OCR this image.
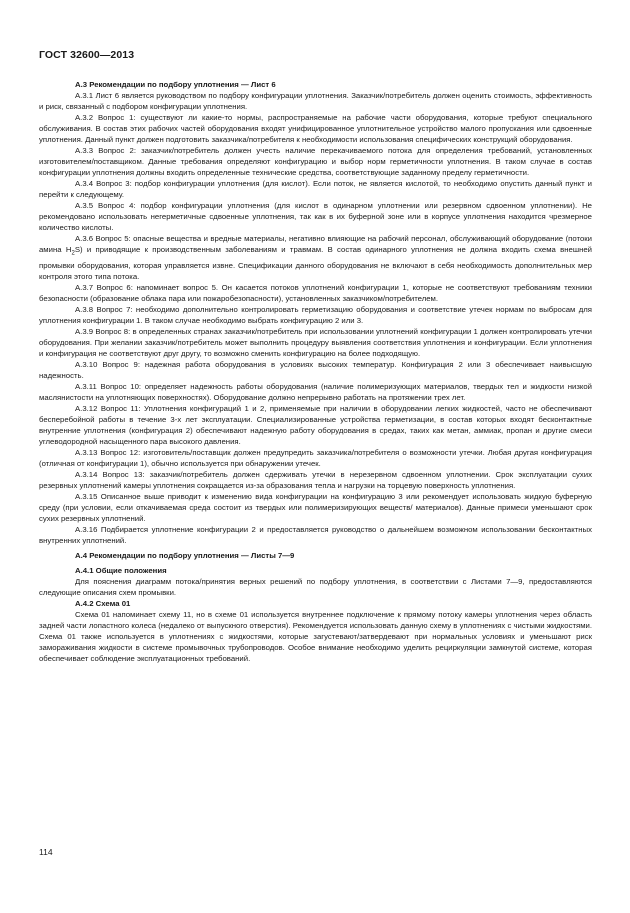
ГОСТ 32600—2013

А.3 Рекомендации по подбору уплотнения — Лист 6

А.3.1 Лист 6 является руководством по подбору конфигурации уплотнения. Заказчик/потребитель должен оценить стоимость, эффективность и риск, связанный с подбором конфигурации уплотнения.

А.3.2 Вопрос 1: существуют ли какие-то нормы, распространяемые на рабочие части оборудования, которые требуют специального обслуживания. В состав этих рабочих частей оборудования входят унифицированное уплотнительное устройство малого пропускания или сдвоенные уплотнения. Данный пункт должен подготовить заказчика/потребителя к необходимости использования специфических конструкций оборудования.

А.3.3 Вопрос 2: заказчик/потребитель должен учесть наличие перекачиваемого потока для определения требований, установленных изготовителем/поставщиком. Данные требования определяют конфигурацию и выбор норм герметичности уплотнения. В таком случае в состав конфигурации уплотнения должны входить определенные технические средства, соответствующие заданному пределу герметичности.

А.3.4 Вопрос 3: подбор конфигурации уплотнения (для кислот). Если поток, не является кислотой, то необходимо опустить данный пункт и перейти к следующему.

А.3.5 Вопрос 4: подбор конфигурации уплотнения (для кислот в одинарном уплотнении или резервном сдвоенном уплотнении). Не рекомендовано использовать негерметичные сдвоенные уплотнения, так как в их буферной зоне или в корпусе уплотнения находится чрезмерное количество кислоты.

А.3.6 Вопрос 5: опасные вещества и вредные материалы, негативно влияющие на рабочий персонал, обслуживающий оборудование (потоки амина $H_2S$) и приводящие к производственным заболеваниям и травмам. В состав одинарного уплотнения не должна входить схема внешней промывки оборудования, которая управляется извне. Спецификации данного оборудования не включают в себя необходимость дополнительных мер контроля этого типа потока.

А.3.7 Вопрос 6: напоминает вопрос 5. Он касается потоков уплотнений конфигурации 1, которые не соответствуют требованиям техники безопасности (образование облака пара или пожаробезопасности), установленных заказчиком/потребителем.

А.3.8 Вопрос 7: необходимо дополнительно контролировать герметизацию оборудования и соответствие утечек нормам по выбросам для уплотнения конфигурации 1. В таком случае необходимо выбрать конфигурацию 2 или 3.

А.3.9 Вопрос 8: в определенных странах заказчик/потребитель при использовании уплотнений конфигурации 1 должен контролировать утечки оборудования. При желании заказчик/потребитель может выполнить процедуру выявления соответствия уплотнения и конфигурации. Если уплотнения и конфигурация не соответствуют друг другу, то возможно сменить конфигурацию на более подходящую.

А.3.10 Вопрос 9: надежная работа оборудования в условиях высоких температур. Конфигурация 2 или 3 обеспечивает наивысшую надежность.

А.3.11 Вопрос 10: определяет надежность работы оборудования (наличие полимеризующих материалов, твердых тел и жидкости низкой маслянистости на уплотняющих поверхностях). Оборудование должно непрерывно работать на протяжении трех лет.

А.3.12 Вопрос 11: Уплотнения конфигураций 1 и 2, применяемые при наличии в оборудовании легких жидкостей, часто не обеспечивают бесперебойной работы в течение 3-х лет эксплуатации. Специализированные устройства герметизации, в состав которых входят бесконтактные внутренние уплотнения (конфигурация 2) обеспечивают надежную работу оборудования в средах, таких как метан, аммиак, пропан и другие смеси углеводородной насыщенного пара высокого давления.

А.3.13 Вопрос 12: изготовитель/поставщик должен предупредить заказчика/потребителя о возможности утечки. Любая другая конфигурация (отличная от конфигурации 1), обычно используется при обнаружении утечек.

А.3.14 Вопрос 13: заказчик/потребитель должен сдерживать утечки в нерезервном сдвоенном уплотнении. Срок эксплуатации сухих резервных уплотнений камеры уплотнения сокращается из-за образования тепла и нагрузки на торцевую поверхность уплотнения.

А.3.15 Описанное выше приводит к изменению вида конфигурации на конфигурацию 3 или рекомендует использовать жидкую буферную среду (при условии, если откачиваемая среда состоит из твердых или полимеризирующих веществ/ материалов). Данные примеси уменьшают срок сухих резервных уплотнений.

А.3.16 Подбирается уплотнение конфигурации 2 и предоставляется руководство о дальнейшем возможном использовании бесконтактных внутренних уплотнений.

А.4 Рекомендации по подбору уплотнения — Листы 7—9

А.4.1 Общие положения

Для пояснения диаграмм потока/принятия верных решений по подбору уплотнения, в соответствии с Листами 7—9, предоставляются следующие описания схем промывки.

А.4.2 Схема 01

Схема 01 напоминает схему 11, но в схеме 01 используется внутреннее подключение к прямому потоку камеры уплотнения через область задней части лопастного колеса (недалеко от выпускного отверстия). Рекомендуется использовать данную схему в уплотнениях с чистыми жидкостями. Схема 01 также используется в уплотнениях с жидкостями, которые загустевают/затвердевают при нормальных условиях и уменьшают риск замораживания жидкости в системе промывочных трубопроводов. Особое внимание необходимо уделить рециркуляции замкнутой системе, которая обеспечивает соблюдение эксплуатационных требований.

114
